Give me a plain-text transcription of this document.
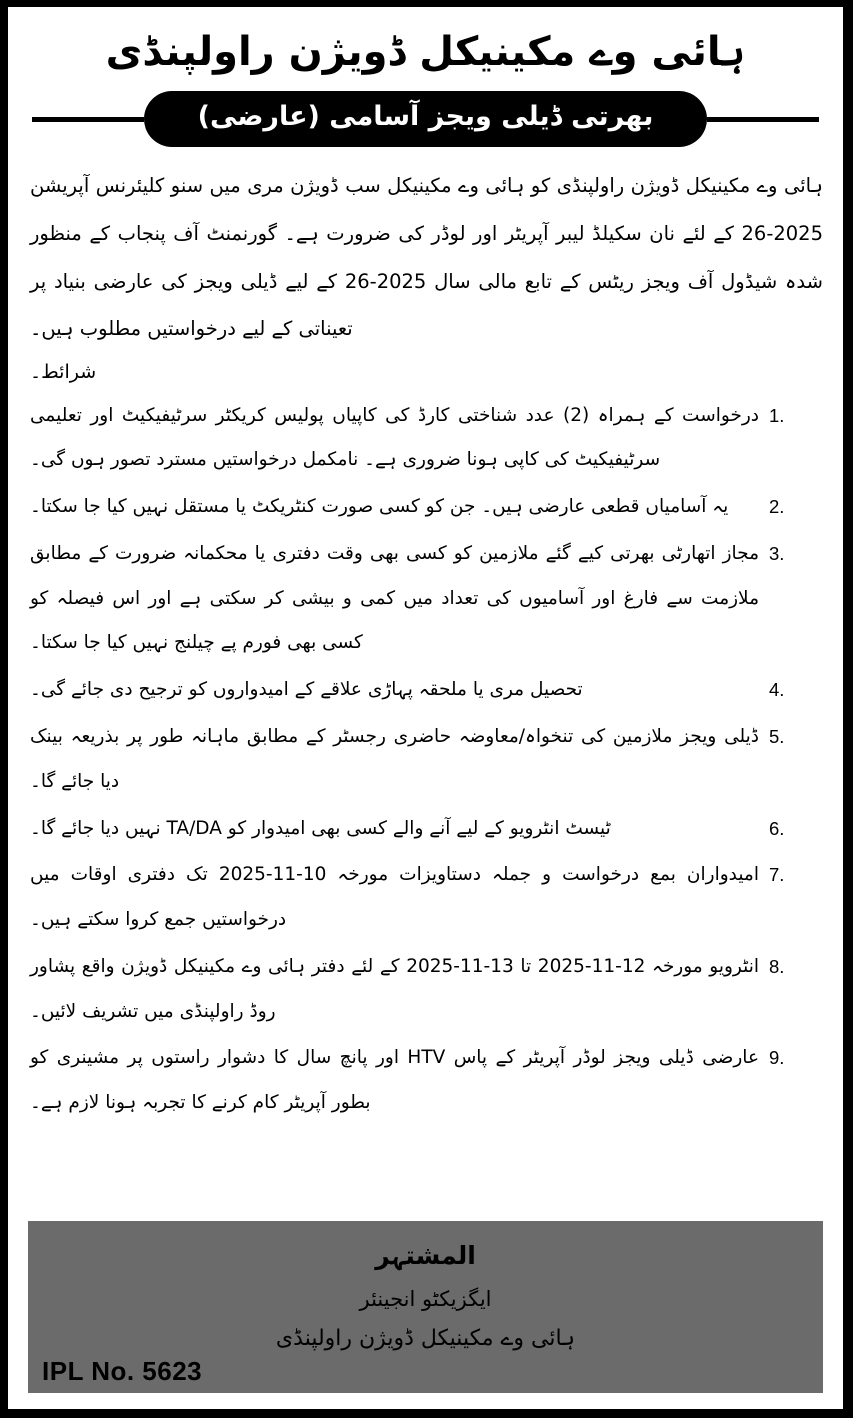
ہائی وے مکینیکل ڈویژن راولپنڈی
بھرتی ڈیلی ویجز آسامی (عارضی)

ہائی وے مکینیکل ڈویژن راولپنڈی کو ہائی وے مکینیکل سب ڈویژن مری میں سنو کلیئرنس آپریشن 2025-26 کے لئے نان سکیلڈ لیبر آپریٹر اور لوڈر کی ضرورت ہے۔ گورنمنٹ آف پنجاب کے منظور شدہ شیڈول آف ویجز ریٹس کے تابع مالی سال 2025-26 کے لیے ڈیلی ویجز کی عارضی بنیاد پر تعیناتی کے لیے درخواستیں مطلوب ہیں۔

شرائط۔
1.
درخواست کے ہمراہ (2) عدد شناختی کارڈ کی کاپیاں پولیس کریکٹر سرٹیفیکیٹ اور تعلیمی سرٹیفیکیٹ کی کاپی ہونا ضروری ہے۔ نامکمل درخواستیں مسترد تصور ہوں گی۔
2.
یہ آسامیاں قطعی عارضی ہیں۔ جن کو کسی صورت کنٹریکٹ یا مستقل نہیں کیا جا سکتا۔
3.
مجاز اتھارٹی بھرتی کیے گئے ملازمین کو کسی بھی وقت دفتری یا محکمانہ ضرورت کے مطابق ملازمت سے فارغ اور آسامیوں کی تعداد میں کمی و بیشی کر سکتی ہے اور اس فیصلہ کو کسی بھی فورم پے چیلنج نہیں کیا جا سکتا۔
4.
تحصیل مری یا ملحقہ پہاڑی علاقے کے امیدواروں کو ترجیح دی جائے گی۔
5.
ڈیلی ویجز ملازمین کی تنخواہ/معاوضہ حاضری رجسٹر کے مطابق ماہانہ طور پر بذریعہ بینک دیا جائے گا۔
6.
ٹیسٹ انٹرویو کے لیے آنے والے کسی بھی امیدوار کو TA/DA نہیں دیا جائے گا۔
7.
امیدواران بمع درخواست و جملہ دستاویزات مورخہ 10-11-2025 تک دفتری اوقات میں درخواستیں جمع کروا سکتے ہیں۔
8.
انٹرویو مورخہ 12-11-2025 تا 13-11-2025 کے لئے دفتر ہائی وے مکینیکل ڈویژن واقع پشاور روڈ راولپنڈی میں تشریف لائیں۔
9.
عارضی ڈیلی ویجز لوڈر آپریٹر کے پاس HTV اور پانچ سال کا دشوار راستوں پر مشینری کو بطور آپریٹر کام کرنے کا تجربہ ہونا لازم ہے۔
المشتہر
ایگزیکٹو انجینئر
ہائی وے مکینیکل ڈویژن راولپنڈی
IPL No. 5623
